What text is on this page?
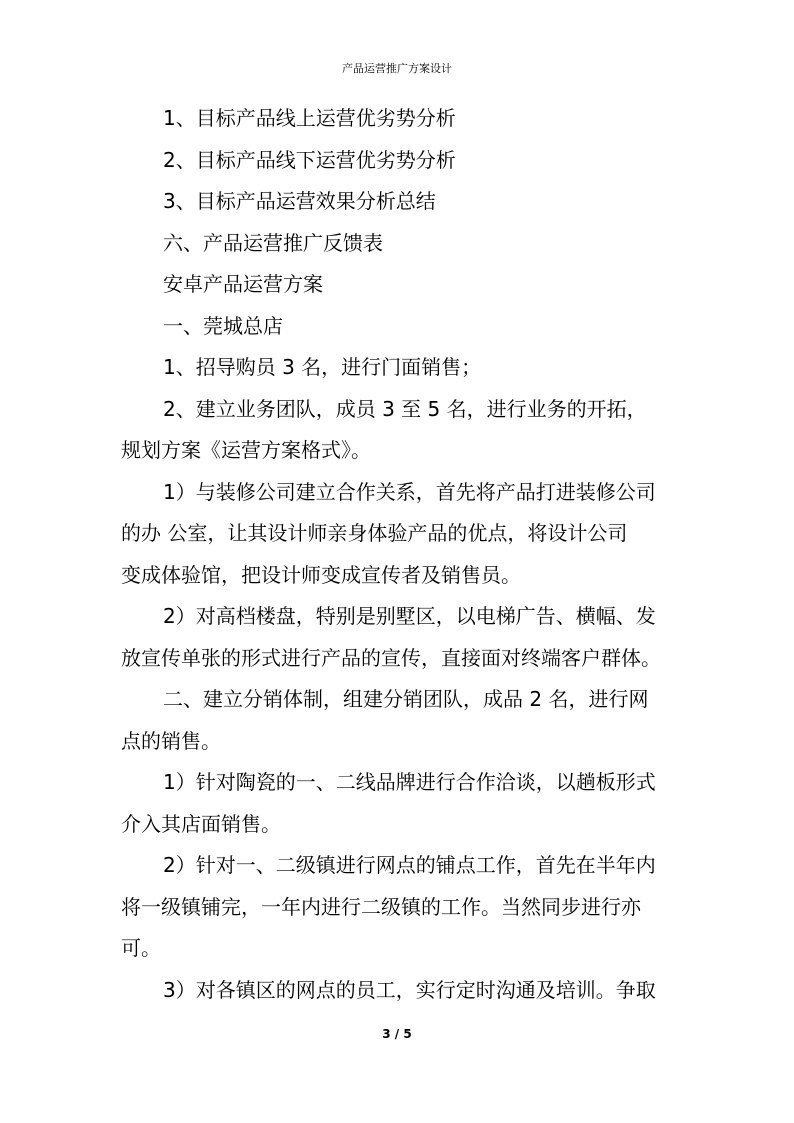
产品运营推广方案设计

1、目标产品线上运营优劣势分析

2、目标产品线下运营优劣势分析

3、目标产品运营效果分析总结

六、产品运营推广反馈表

安卓产品运营方案

一、莞城总店

1、招导购员 3 名，进行门面销售；

2、建立业务团队，成员 3 至 5 名，进行业务的开拓，

规划方案《运营方案格式》。

1）与装修公司建立合作关系，首先将产品打进装修公司

的办 公室，让其设计师亲身体验产品的优点，将设计公司

变成体验馆，把设计师变成宣传者及销售员。

2）对高档楼盘，特别是别墅区，以电梯广告、横幅、发

放宣传单张的形式进行产品的宣传，直接面对终端客户群体。

二、建立分销体制，组建分销团队，成品 2 名，进行网

点的销售。

1）针对陶瓷的一、二线品牌进行合作洽谈，以趟板形式

介入其店面销售。

2）针对一、二级镇进行网点的铺点工作，首先在半年内

将一级镇铺完，一年内进行二级镇的工作。当然同步进行亦

可。

3）对各镇区的网点的员工，实行定时沟通及培训。争取

3 / 5
